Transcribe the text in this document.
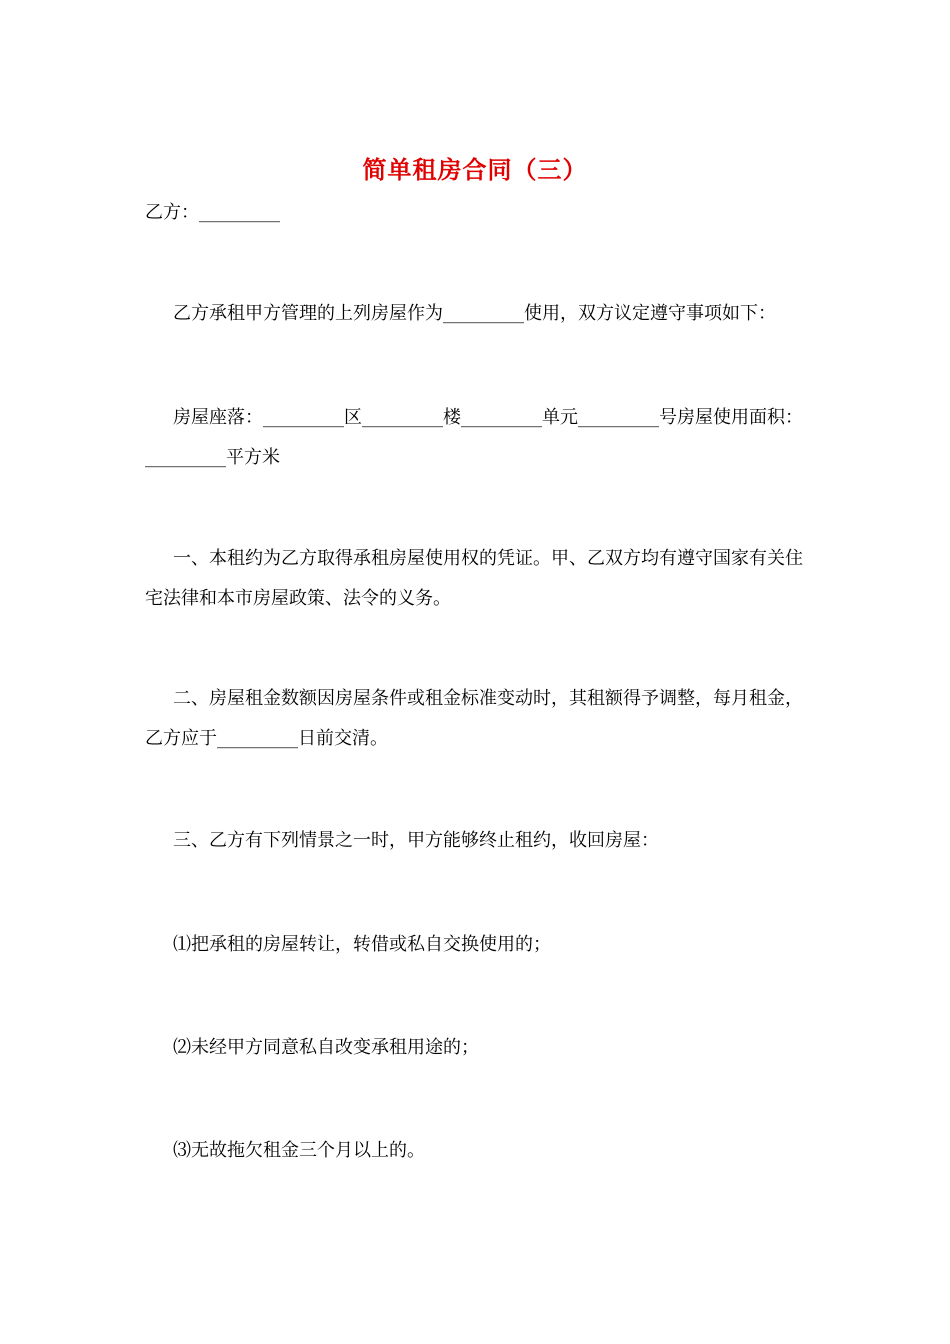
简单租房合同（三）
乙方：_________
乙方承租甲方管理的上列房屋作为_________使用，双方议定遵守事项如下：
房屋座落：_________区_________楼_________单元_________号房屋使用面积：_________平方米
一、本租约为乙方取得承租房屋使用权的凭证。甲、乙双方均有遵守国家有关住宅法律和本市房屋政策、法令的义务。
二、房屋租金数额因房屋条件或租金标准变动时，其租额得予调整，每月租金，乙方应于_________日前交清。
三、乙方有下列情景之一时，甲方能够终止租约，收回房屋：
⑴把承租的房屋转让，转借或私自交换使用的；
⑵未经甲方同意私自改变承租用途的；
⑶无故拖欠租金三个月以上的。
